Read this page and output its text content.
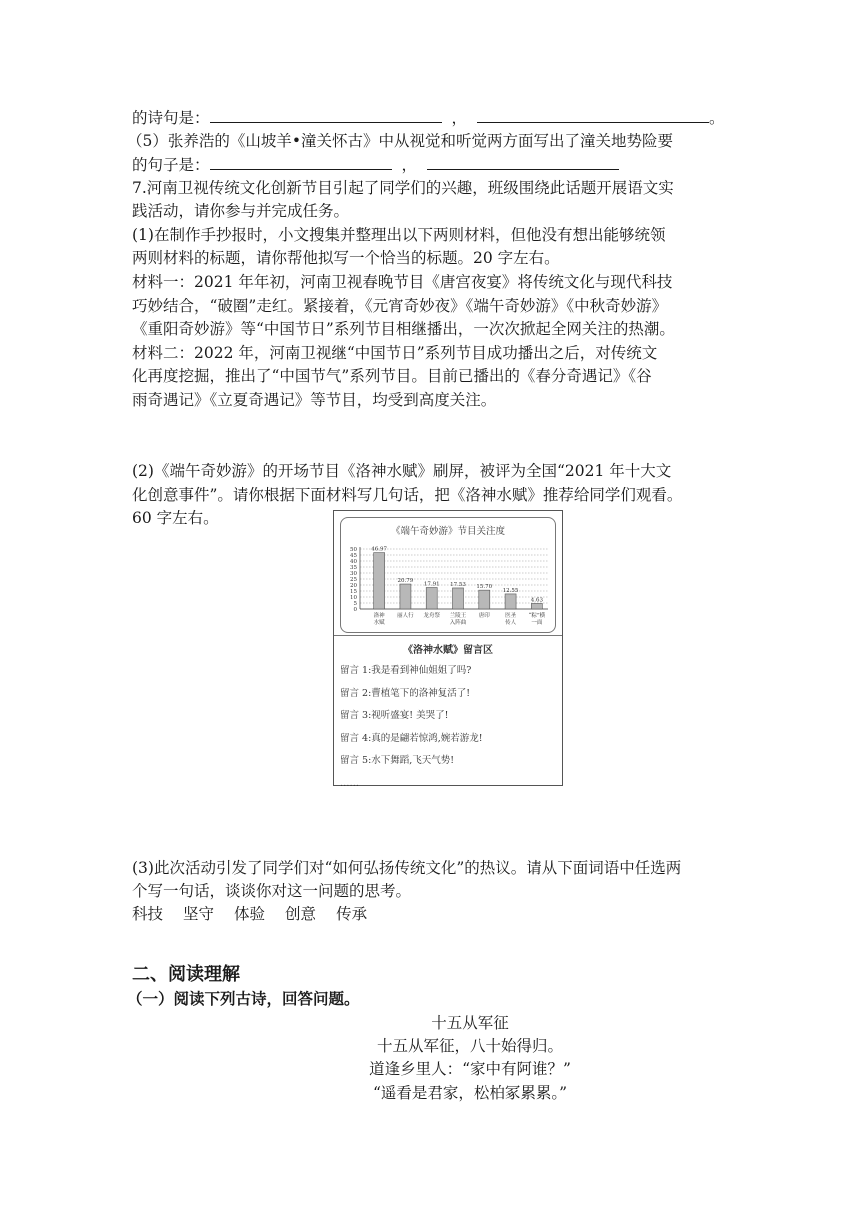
的诗句是：	，	。
（5）张养浩的《山坡羊•潼关怀古》中从视觉和听觉两方面写出了潼关地势险要
的句子是：	，
7.河南卫视传统文化创新节目引起了同学们的兴趣，班级围绕此话题开展语文实
践活动，请你参与并完成任务。
(1)在制作手抄报时，小文搜集并整理出以下两则材料，但他没有想出能够统领
两则材料的标题，请你帮他拟写一个恰当的标题。20 字左右。
材料一：2021 年年初，河南卫视春晚节目《唐宫夜宴》将传统文化与现代科技
巧妙结合，“破圈”走红。紧接着，《元宵奇妙夜》《端午奇妙游》《中秋奇妙游》
《重阳奇妙游》等“中国节日”系列节目相继播出，一次次掀起全网关注的热潮。
材料二：2022 年，河南卫视继“中国节日”系列节目成功播出之后，对传统文
化再度挖掘，推出了“中国节气”系列节目。目前已播出的《春分奇遇记》《谷
雨奇遇记》《立夏奇遇记》等节目，均受到高度关注。
(2)《端午奇妙游》的开场节目《洛神水赋》刷屏，被评为全国“2021 年十大文
化创意事件”。请你根据下面材料写几句话，把《洛神水赋》推荐给同学们观看。
60 字左右。
《端午奇妙游》节目关注度
0
5
10
15
20
25
30
35
40
45
50	46.97
洛神
水赋
20.79
丽人行
17.91
龙舟祭
17.53
兰陵王
入阵曲
15.70
唐印
12.55
医圣
传人
4.63
“粽”横
一面
《洛神水赋》留言区
留言 1:我是看到神仙姐姐了吗?
留言 2:曹植笔下的洛神复活了!
留言 3:视听盛宴! 美哭了!
留言 4:真的是翩若惊鸿,婉若游龙!
留言 5:水下舞蹈,飞天气势!
……
(3)此次活动引发了同学们对“如何弘扬传统文化”的热议。请从下面词语中任选两
个写一句话，谈谈你对这一问题的思考。
科技 坚守 体验 创意 传承
二、阅读理解
（一）阅读下列古诗，回答问题。
十五从军征
十五从军征，八十始得归。
道逢乡里人：“家中有阿谁？”
“遥看是君家，松柏冢累累。”
